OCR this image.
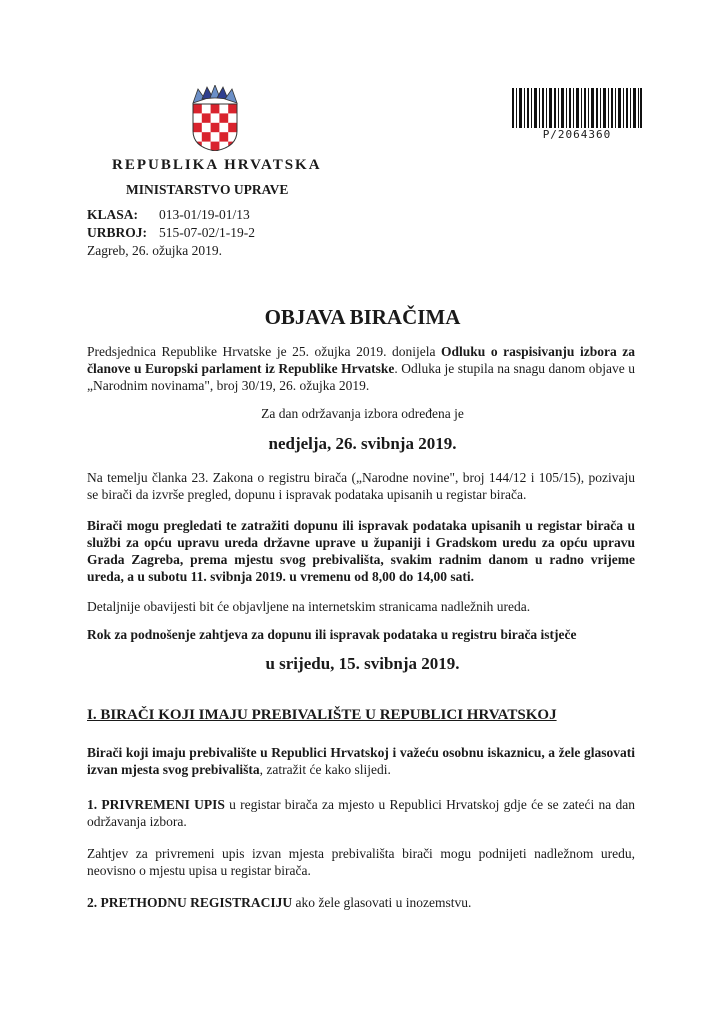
P/2064360
REPUBLIKA HRVATSKA
MINISTARSTVO UPRAVE
KLASA: 013-01/19-01/13
URBROJ: 515-07-02/1-19-2
Zagreb, 26. ožujka 2019.
OBJAVA BIRAČIMA
Predsjednica Republike Hrvatske je 25. ožujka 2019. donijela Odluku o raspisivanju izbora za članove u Europski parlament iz Republike Hrvatske. Odluka je stupila na snagu danom objave u „Narodnim novinama", broj 30/19, 26. ožujka 2019.
Za dan održavanja izbora određena je
nedjelja, 26. svibnja 2019.
Na temelju članka 23. Zakona o registru birača („Narodne novine", broj 144/12 i 105/15), pozivaju se birači da izvrše pregled, dopunu i ispravak podataka upisanih u registar birača.
Birači mogu pregledati te zatražiti dopunu ili ispravak podataka upisanih u registar birača u službi za opću upravu ureda državne uprave u županiji i Gradskom uredu za opću upravu Grada Zagreba, prema mjestu svog prebivališta, svakim radnim danom u radno vrijeme ureda, a u subotu 11. svibnja 2019. u vremenu od 8,00 do 14,00 sati.
Detaljnije obavijesti bit će objavljene na internetskim stranicama nadležnih ureda.
Rok za podnošenje zahtjeva za dopunu ili ispravak podataka u registru birača istječe
u srijedu, 15. svibnja 2019.
I. BIRAČI KOJI IMAJU PREBIVALIŠTE U REPUBLICI HRVATSKOJ
Birači koji imaju prebivalište u Republici Hrvatskoj i važeću osobnu iskaznicu, a žele glasovati izvan mjesta svog prebivališta, zatražit će kako slijedi.
1. PRIVREMENI UPIS u registar birača za mjesto u Republici Hrvatskoj gdje će se zateći na dan održavanja izbora.
Zahtjev za privremeni upis izvan mjesta prebivališta birači mogu podnijeti nadležnom uredu, neovisno o mjestu upisa u registar birača.
2. PRETHODNU REGISTRACIJU ako žele glasovati u inozemstvu.
